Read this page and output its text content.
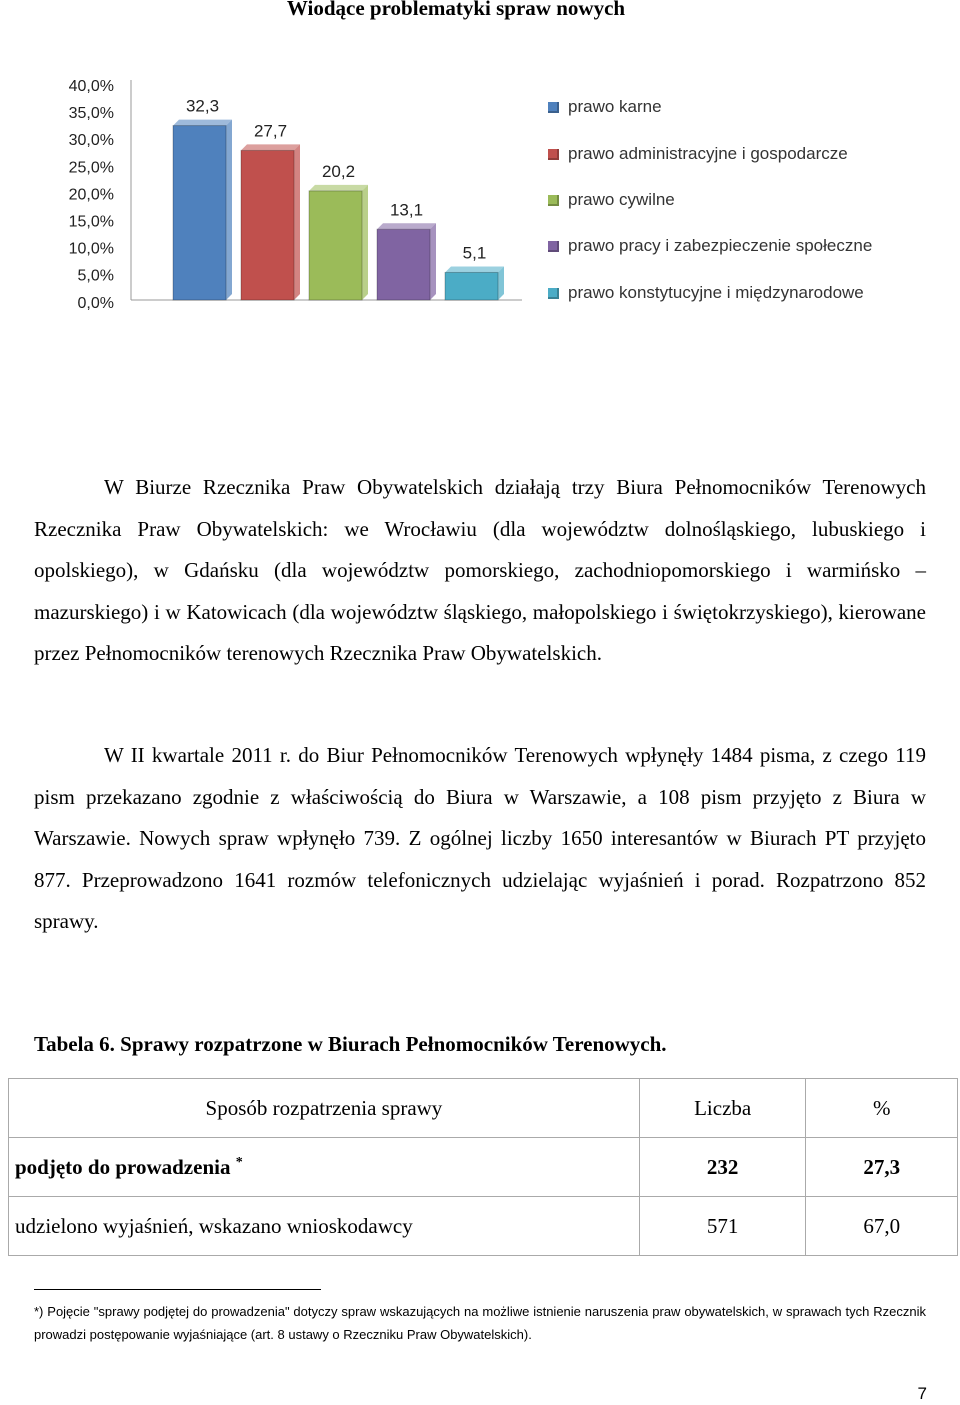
Wiodące problematyki spraw nowych
40,0%
35,0%
30,0%
25,0%
20,0%
15,0%
10,0%
5,0%
0,0%
32,3
27,7
20,2
13,1
5,1
prawo karne
prawo administracyjne i gospodarcze
prawo cywilne
prawo pracy i zabezpieczenie społeczne
prawo konstytucyjne i międzynarodowe

W Biurze Rzecznika Praw Obywatelskich działają trzy Biura Pełnomocników Terenowych Rzecznika Praw Obywatelskich: we Wrocławiu (dla województw dolnośląskiego, lubuskiego i opolskiego), w Gdańsku (dla województw pomorskiego, zachodniopomorskiego i warmińsko – mazurskiego) i w Katowicach (dla województw śląskiego, małopolskiego i świętokrzyskiego), kierowane przez Pełnomocników terenowych Rzecznika Praw Obywatelskich.

W II kwartale 2011 r. do Biur Pełnomocników Terenowych wpłynęły 1484 pisma, z czego 119 pism przekazano zgodnie z właściwością do Biura w Warszawie, a 108 pism przyjęto z Biura w Warszawie. Nowych spraw wpłynęło 739. Z ogólnej liczby 1650 interesantów w Biurach PT przyjęto 877. Przeprowadzono 1641 rozmów telefonicznych udzielając wyjaśnień i porad. Rozpatrzono 852 sprawy.

Tabela 6. Sprawy rozpatrzone w Biurach Pełnomocników Terenowych.
Sposób rozpatrzenia sprawy	Liczba	%
podjęto do prowadzenia *	232	27,3
udzielono wyjaśnień, wskazano wnioskodawcy	571	67,0

*) Pojęcie "sprawy podjętej do prowadzenia" dotyczy spraw wskazujących na możliwe istnienie naruszenia praw obywatelskich, w sprawach tych Rzecznik prowadzi postępowanie wyjaśniające (art. 8 ustawy o Rzeczniku Praw Obywatelskich).

7
